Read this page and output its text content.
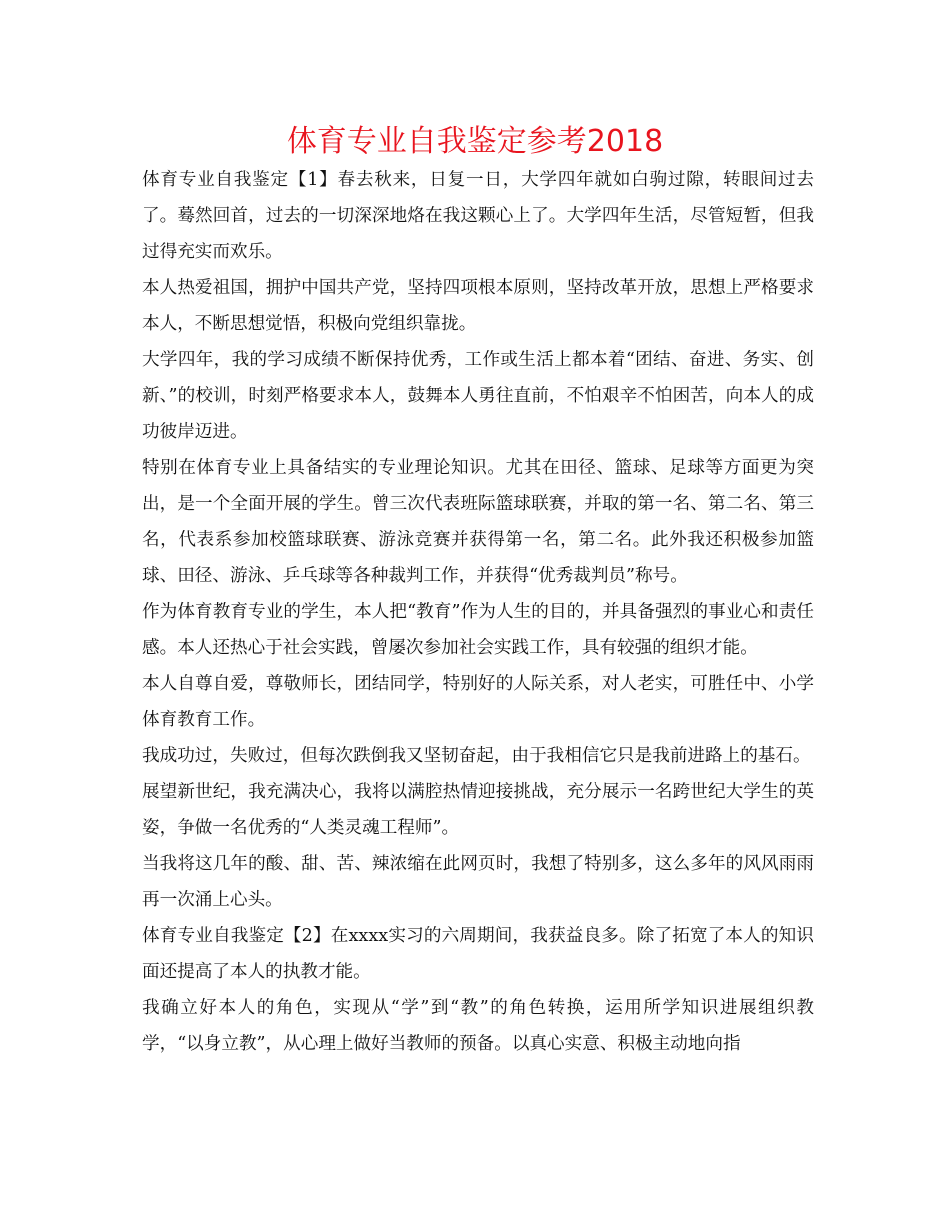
体育专业自我鉴定参考2018

体育专业自我鉴定【1】春去秋来，日复一日，大学四年就如白驹过隙，转眼间过去了。蓦然回首，过去的一切深深地烙在我这颗心上了。大学四年生活，尽管短暂，但我过得充实而欢乐。

本人热爱祖国，拥护中国共产党，坚持四项根本原则，坚持改革开放，思想上严格要求本人，不断思想觉悟，积极向党组织靠拢。

大学四年，我的学习成绩不断保持优秀，工作或生活上都本着“团结、奋进、务实、创新、”的校训，时刻严格要求本人，鼓舞本人勇往直前，不怕艰辛不怕困苦，向本人的成功彼岸迈进。

特别在体育专业上具备结实的专业理论知识。尤其在田径、篮球、足球等方面更为突出，是一个全面开展的学生。曾三次代表班际篮球联赛，并取的第一名、第二名、第三名，代表系参加校篮球联赛、游泳竞赛并获得第一名，第二名。此外我还积极参加篮球、田径、游泳、乒乓球等各种裁判工作，并获得“优秀裁判员”称号。

作为体育教育专业的学生，本人把“教育”作为人生的目的，并具备强烈的事业心和责任感。本人还热心于社会实践，曾屡次参加社会实践工作，具有较强的组织才能。

本人自尊自爱，尊敬师长，团结同学，特别好的人际关系，对人老实，可胜任中、小学体育教育工作。

我成功过，失败过，但每次跌倒我又坚韧奋起，由于我相信它只是我前进路上的基石。

展望新世纪，我充满决心，我将以满腔热情迎接挑战，充分展示一名跨世纪大学生的英姿，争做一名优秀的“人类灵魂工程师”。

当我将这几年的酸、甜、苦、辣浓缩在此网页时，我想了特别多，这么多年的风风雨雨再一次涌上心头。

体育专业自我鉴定【2】在xxxx实习的六周期间，我获益良多。除了拓宽了本人的知识面还提高了本人的执教才能。

我确立好本人的角色，实现从“学”到“教”的角色转换，运用所学知识进展组织教学，“以身立教”，从心理上做好当教师的预备。以真心实意、积极主动地向指
